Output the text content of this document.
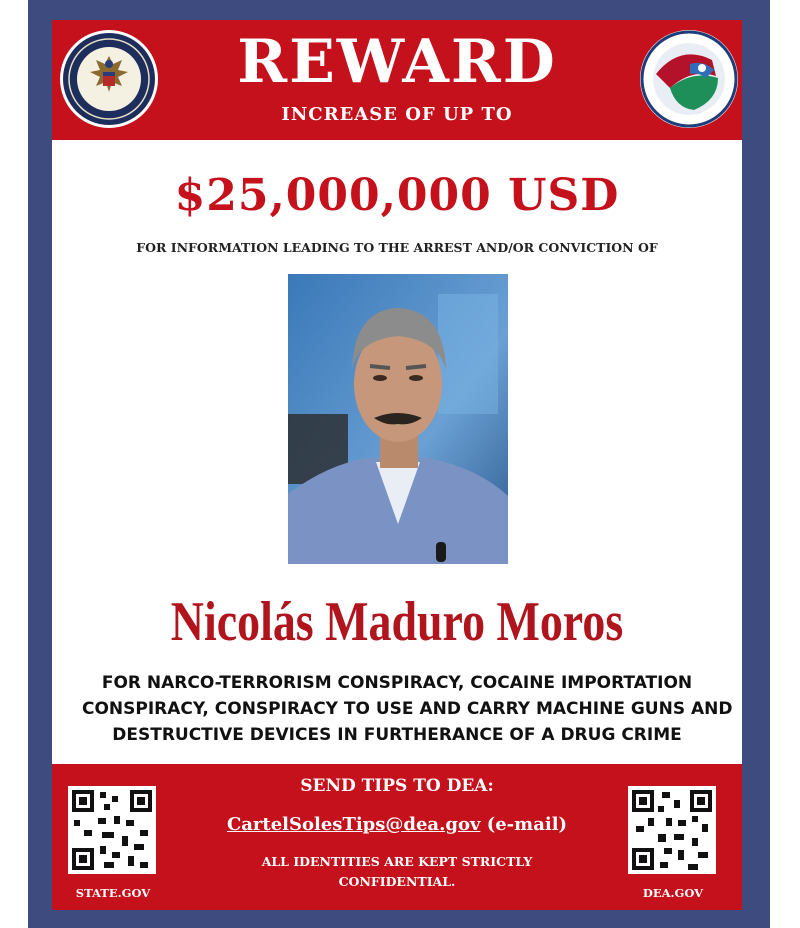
REWARD
INCREASE OF UP TO
$25,000,000 USD
FOR INFORMATION LEADING TO THE ARREST AND/OR CONVICTION OF
Nicolás Maduro Moros
FOR NARCO-TERRORISM CONSPIRACY, COCAINE IMPORTATION
CONSPIRACY, CONSPIRACY TO USE AND CARRY MACHINE GUNS AND
DESTRUCTIVE DEVICES IN FURTHERANCE OF A DRUG CRIME
STATE.GOV
SEND TIPS TO DEA:
CartelSolesTips@dea.gov (e-mail)
ALL IDENTITIES ARE KEPT STRICTLY CONFIDENTIAL.
DEA.GOV
